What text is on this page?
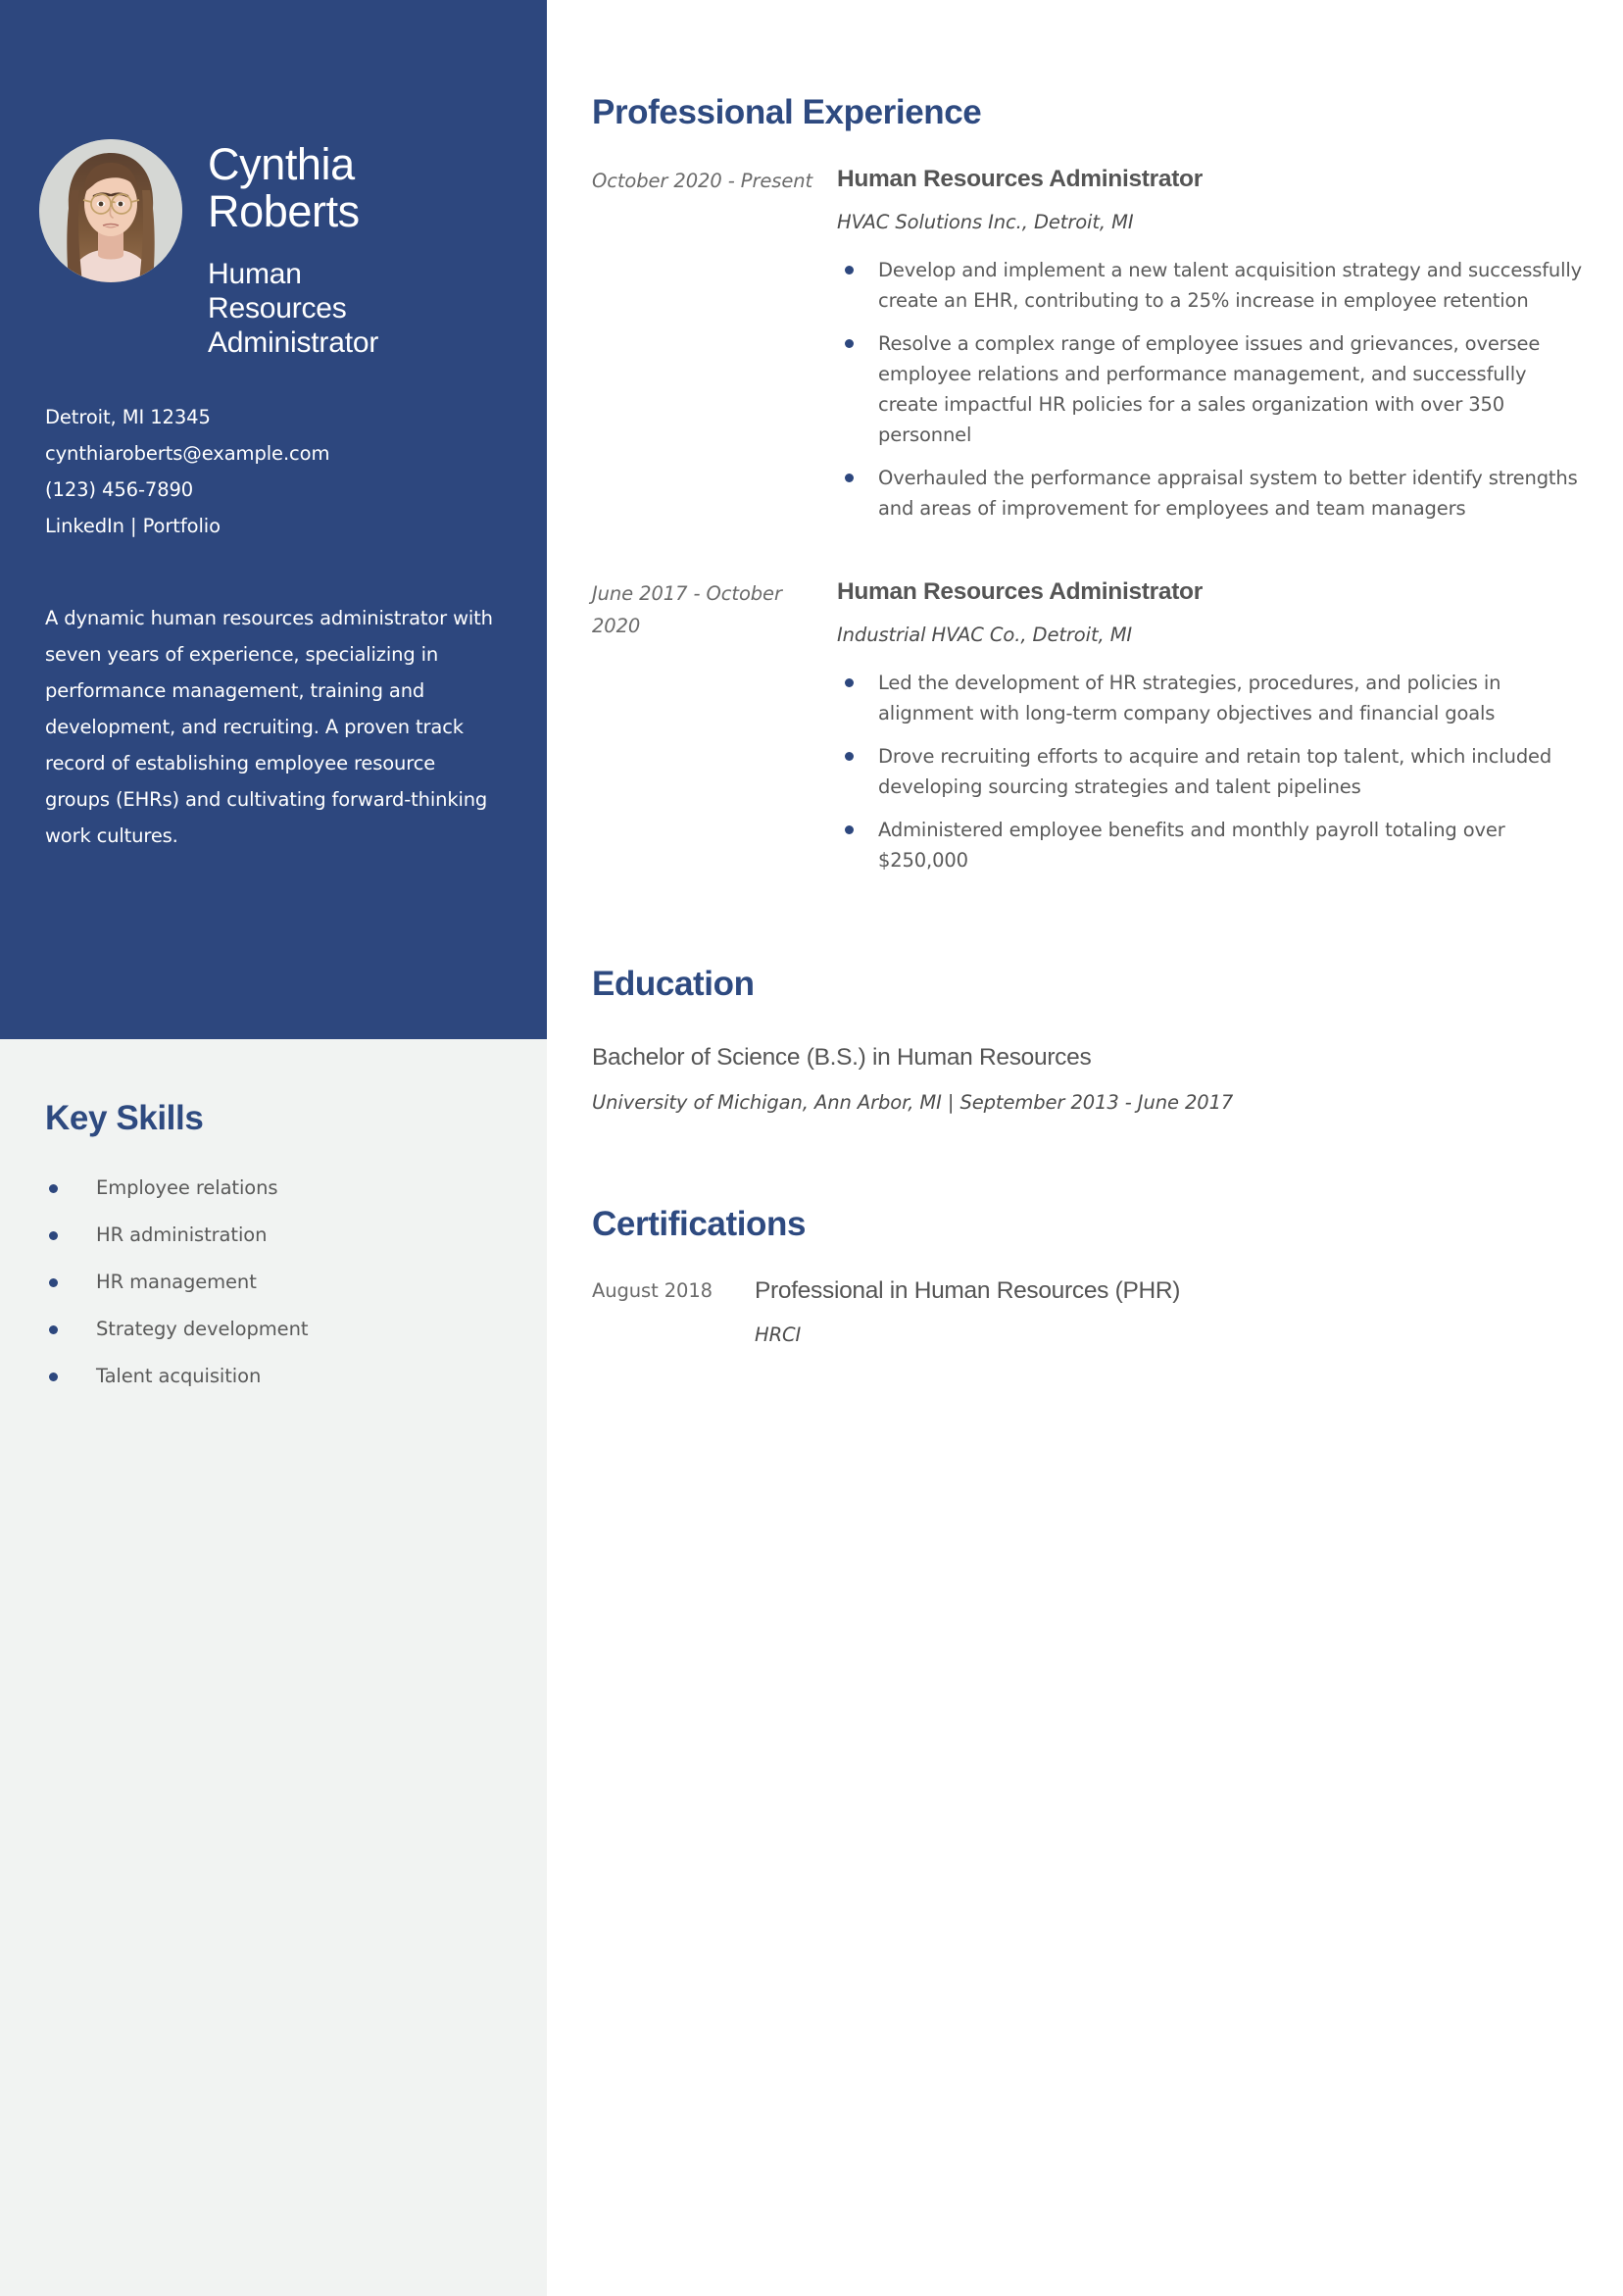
Cynthia
Roberts
Human
Resources
Administrator
Detroit, MI 12345
cynthiaroberts@example.com
(123) 456-7890
LinkedIn | Portfolio
A dynamic human resources administrator with seven years of experience, specializing in performance management, training and development, and recruiting. A proven track record of establishing employee resource groups (EHRs) and cultivating forward-thinking work cultures.
Key Skills
Employee relations
HR administration
HR management
Strategy development
Talent acquisition
Professional Experience
October 2020 - Present	Human Resources Administrator
HVAC Solutions Inc., Detroit, MI
Develop and implement a new talent acquisition strategy and successfully create an EHR, contributing to a 25% increase in employee retention
Resolve a complex range of employee issues and grievances, oversee employee relations and performance management, and successfully create impactful HR policies for a sales organization with over 350 personnel
Overhauled the performance appraisal system to better identify strengths and areas of improvement for employees and team managers
June 2017 - October 2020
Human Resources Administrator
Industrial HVAC Co., Detroit, MI
Led the development of HR strategies, procedures, and policies in alignment with long-term company objectives and financial goals
Drove recruiting efforts to acquire and retain top talent, which included developing sourcing strategies and talent pipelines
Administered employee benefits and monthly payroll totaling over $250,000
Education
Bachelor of Science (B.S.) in Human Resources
University of Michigan, Ann Arbor, MI | September 2013 - June 2017
Certifications
August 2018	Professional in Human Resources (PHR)
HRCI
